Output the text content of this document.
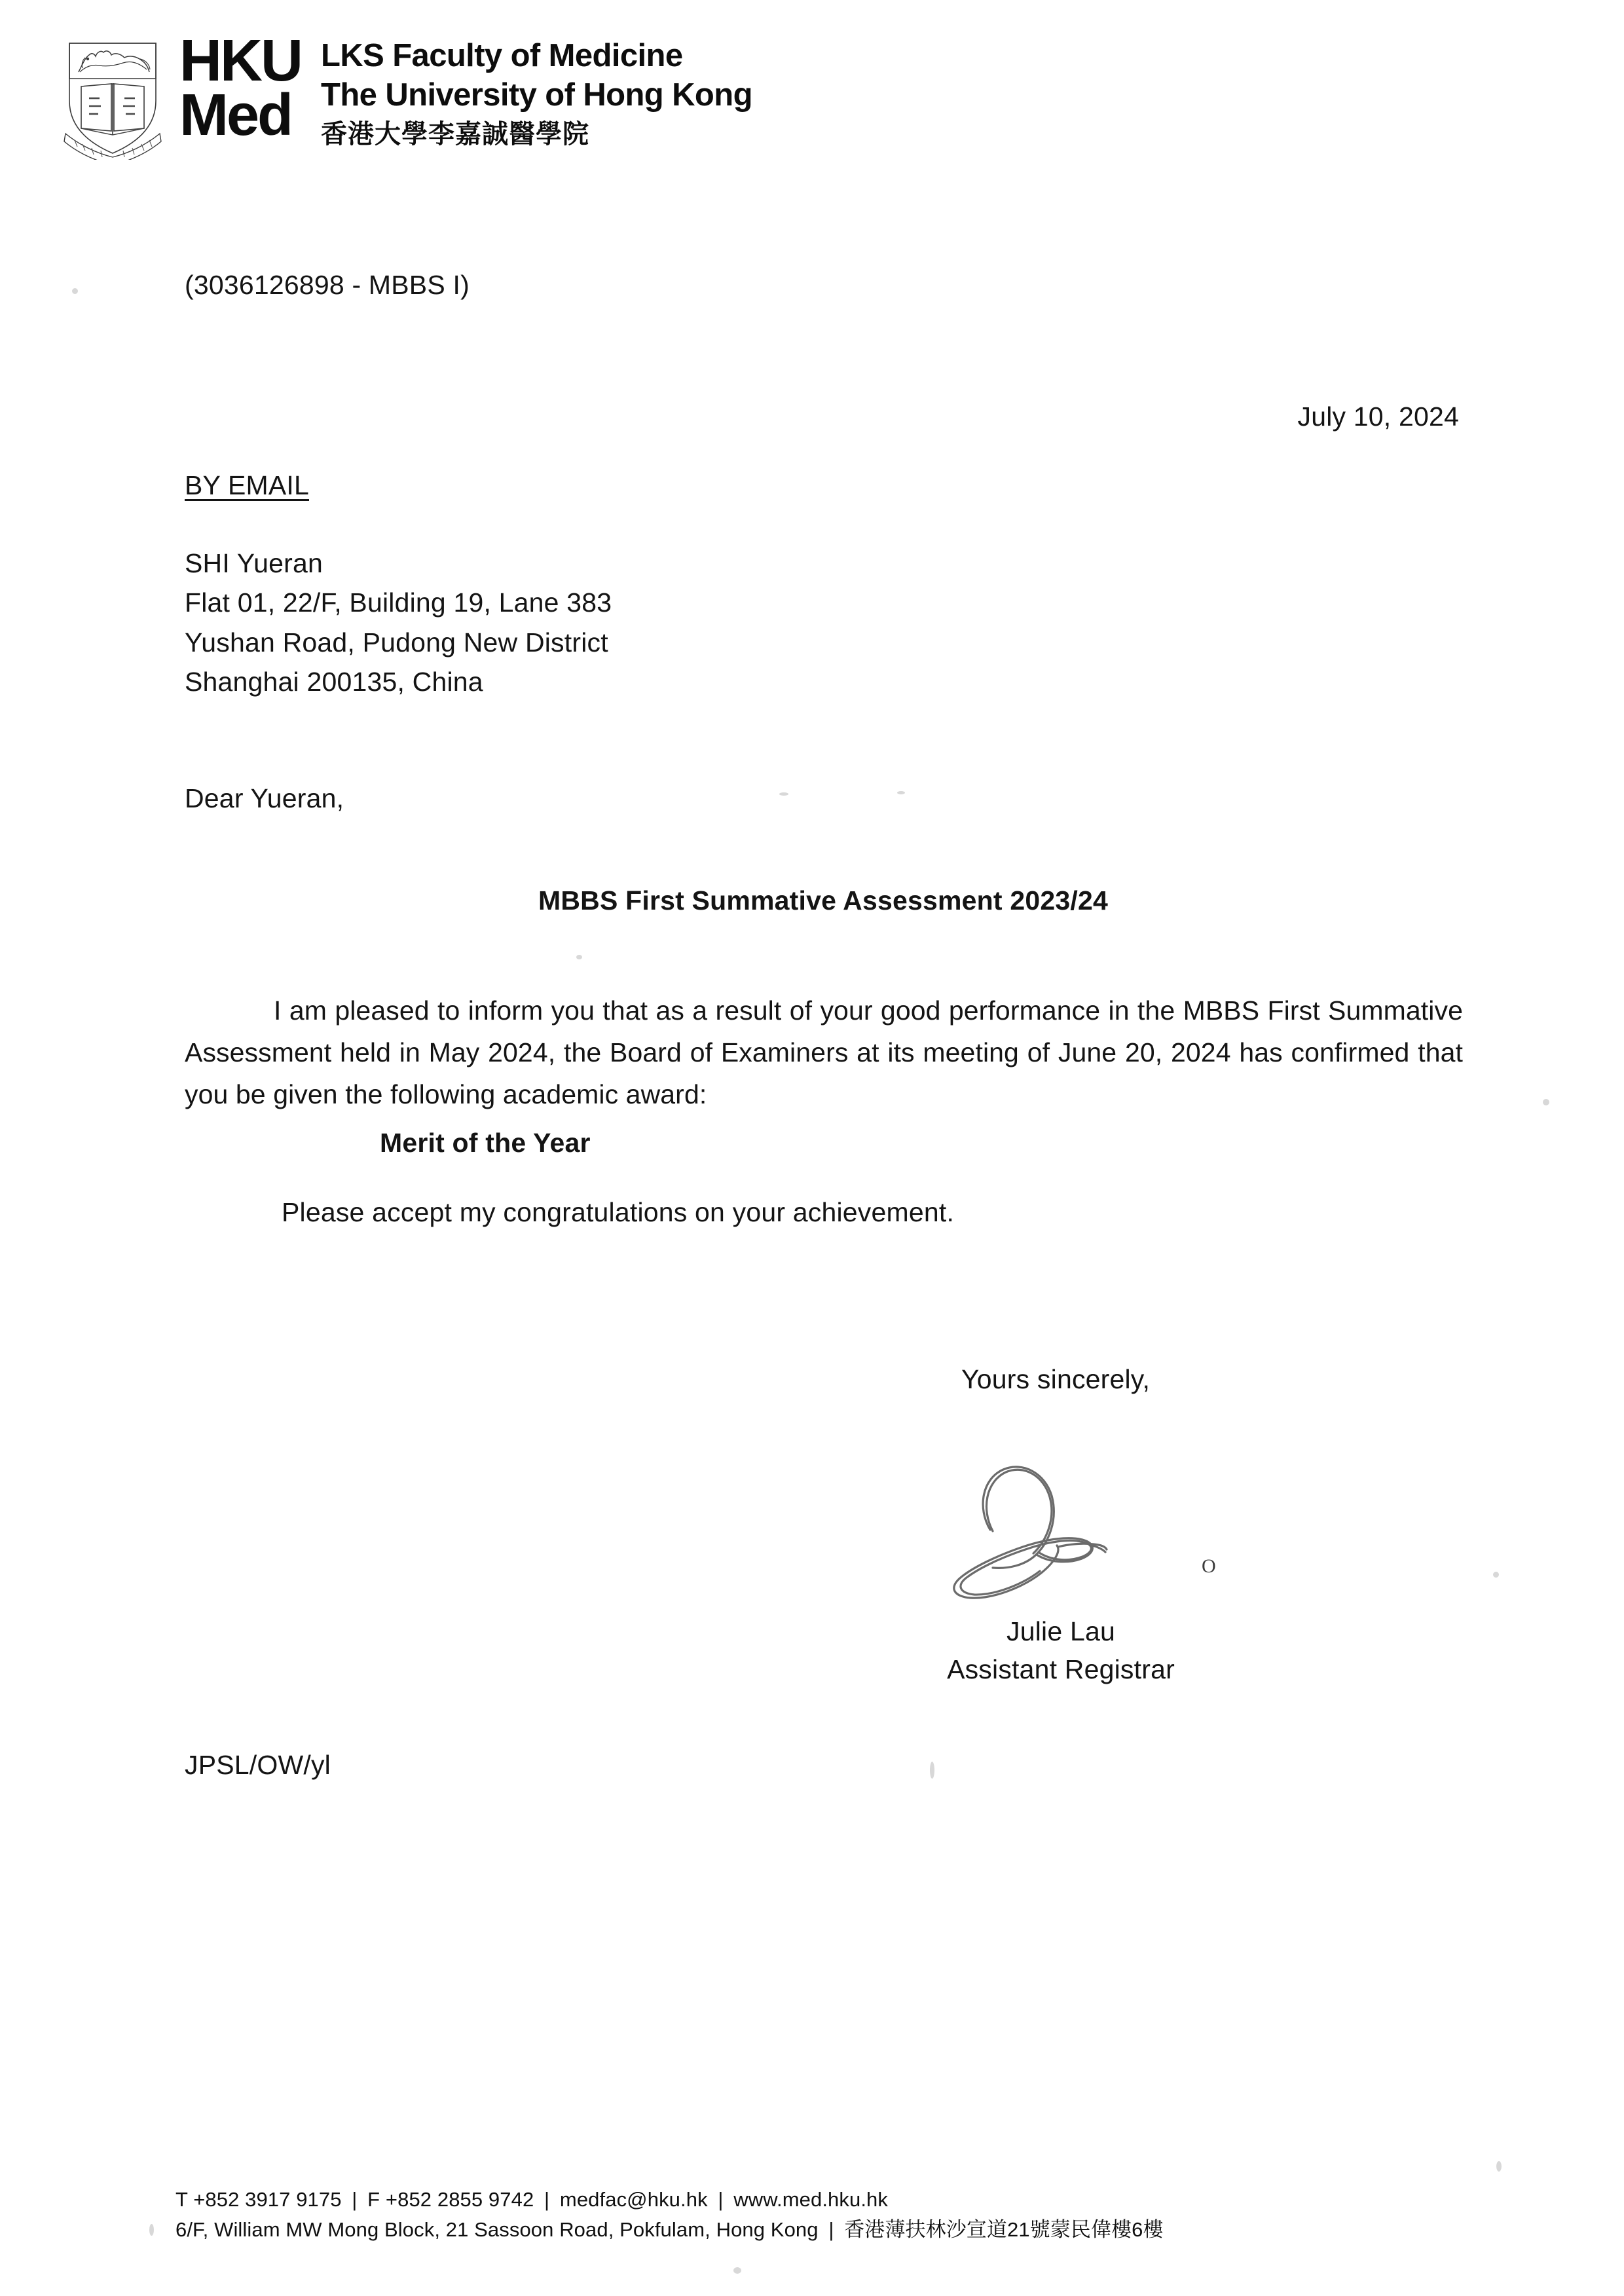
HKU
Med
LKS Faculty of Medicine
The University of Hong Kong
香港大學李嘉誠醫學院
(3036126898 - MBBS I)
July 10, 2024
BY EMAIL
SHI Yueran
Flat 01, 22/F, Building 19, Lane 383
Yushan Road, Pudong New District
Shanghai 200135, China
Dear Yueran,
MBBS First Summative Assessment 2023/24
I am pleased to inform you that as a result of your good performance in the MBBS First Summative Assessment held in May 2024, the Board of Examiners at its meeting of June 20, 2024 has confirmed that you be given the following academic award:
Merit of the Year
Please accept my congratulations on your achievement.
Yours sincerely,
O
Julie Lau
Assistant Registrar
JPSL/OW/yl
T +852 3917 9175 | F +852 2855 9742 | medfac@hku.hk | www.med.hku.hk
6/F, William MW Mong Block, 21 Sassoon Road, Pokfulam, Hong Kong | 香港薄扶林沙宣道21號蒙民偉樓6樓
